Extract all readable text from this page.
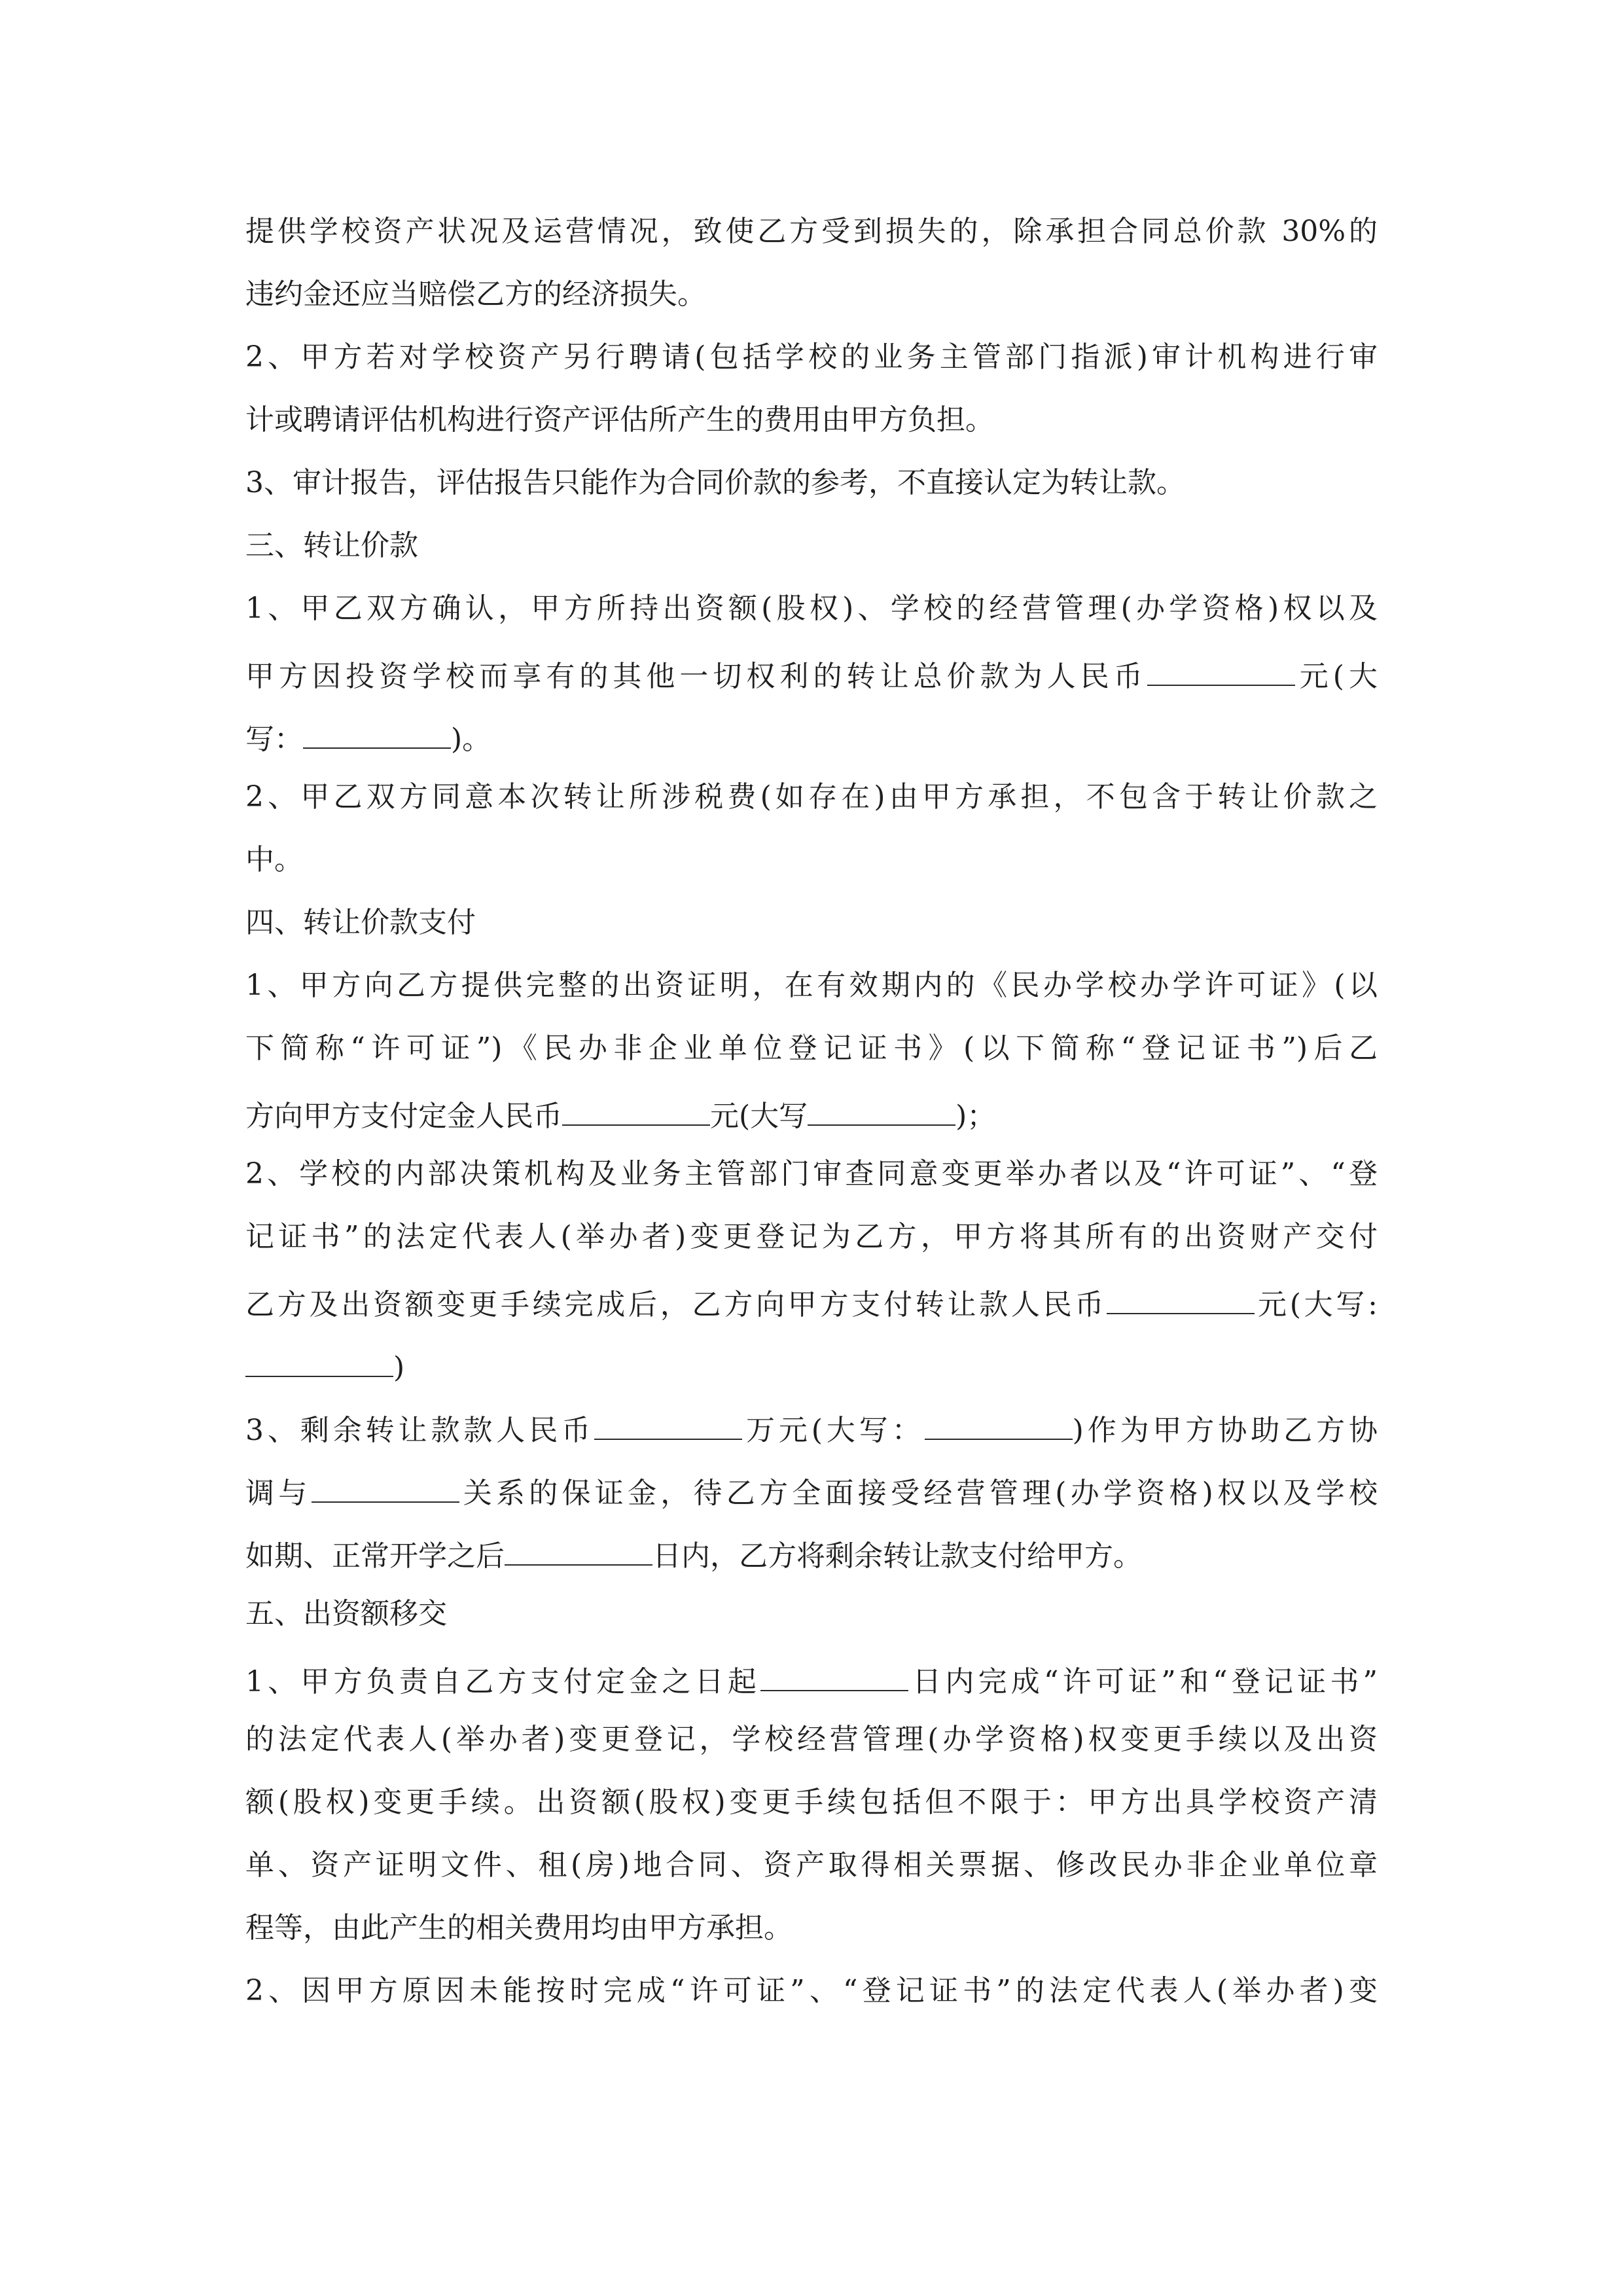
提供学校资产状况及运营情况，致使乙方受到损失的，除承担合同总价款 30%的
违约金还应当赔偿乙方的经济损失。
2、甲方若对学校资产另行聘请(包括学校的业务主管部门指派)审计机构进行审
计或聘请评估机构进行资产评估所产生的费用由甲方负担。
3、审计报告，评估报告只能作为合同价款的参考，不直接认定为转让款。
三、转让价款
1、甲乙双方确认，甲方所持出资额(股权)、学校的经营管理(办学资格)权以及
甲方因投资学校而享有的其他一切权利的转让总价款为人民币	元(大
写：	)。
2、甲乙双方同意本次转让所涉税费(如存在)由甲方承担，不包含于转让价款之
中。
四、转让价款支付
1、甲方向乙方提供完整的出资证明，在有效期内的《民办学校办学许可证》(以
下简称“许可证”)《民办非企业单位登记证书》(以下简称“登记证书”)后乙
方向甲方支付定金人民币	元(大写	)；
2、学校的内部决策机构及业务主管部门审查同意变更举办者以及“许可证”、“登
记证书”的法定代表人(举办者)变更登记为乙方，甲方将其所有的出资财产交付
乙方及出资额变更手续完成后，乙方向甲方支付转让款人民币	元(大写:
)
3、剩余转让款款人民币	万元(大写：	)作为甲方协助乙方协
调与	关系的保证金，待乙方全面接受经营管理(办学资格)权以及学校
如期、正常开学之后	日内，乙方将剩余转让款支付给甲方。
五、出资额移交
1、甲方负责自乙方支付定金之日起	日内完成“许可证”和“登记证书”
的法定代表人(举办者)变更登记，学校经营管理(办学资格)权变更手续以及出资
额(股权)变更手续。出资额(股权)变更手续包括但不限于：甲方出具学校资产清
单、资产证明文件、租(房)地合同、资产取得相关票据、修改民办非企业单位章
程等，由此产生的相关费用均由甲方承担。
2、因甲方原因未能按时完成“许可证”、“登记证书”的法定代表人(举办者)变
